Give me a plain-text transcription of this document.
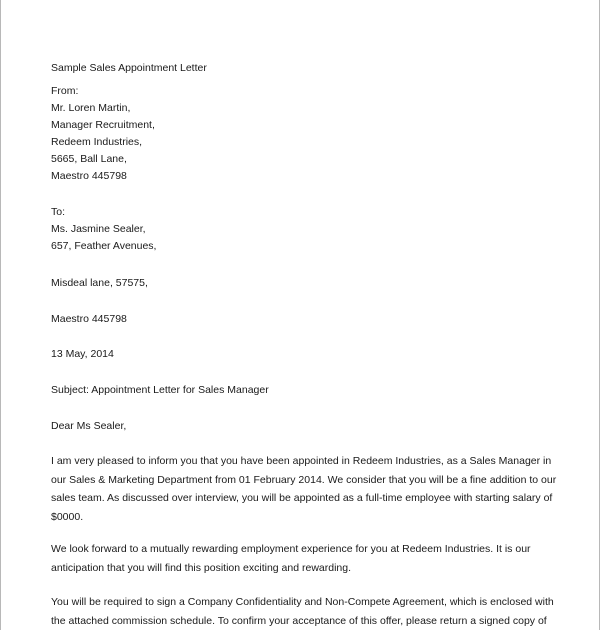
Sample Sales Appointment Letter
From:
Mr. Loren Martin,
Manager Recruitment,
Redeem Industries,
5665, Ball Lane,
Maestro 445798
To:
Ms. Jasmine Sealer,
657, Feather Avenues,
Misdeal lane, 57575,
Maestro 445798
13 May, 2014
Subject: Appointment Letter for Sales Manager
Dear Ms Sealer,
I am very pleased to inform you that you have been appointed in Redeem Industries, as a Sales Manager in
our Sales & Marketing Department from 01 February 2014. We consider that you will be a fine addition to our
sales team. As discussed over interview, you will be appointed as a full-time employee with starting salary of
$0000.
We look forward to a mutually rewarding employment experience for you at Redeem Industries. It is our
anticipation that you will find this position exciting and rewarding.
You will be required to sign a Company Confidentiality and Non-Compete Agreement, which is enclosed with
the attached commission schedule. To confirm your acceptance of this offer, please return a signed copy of
